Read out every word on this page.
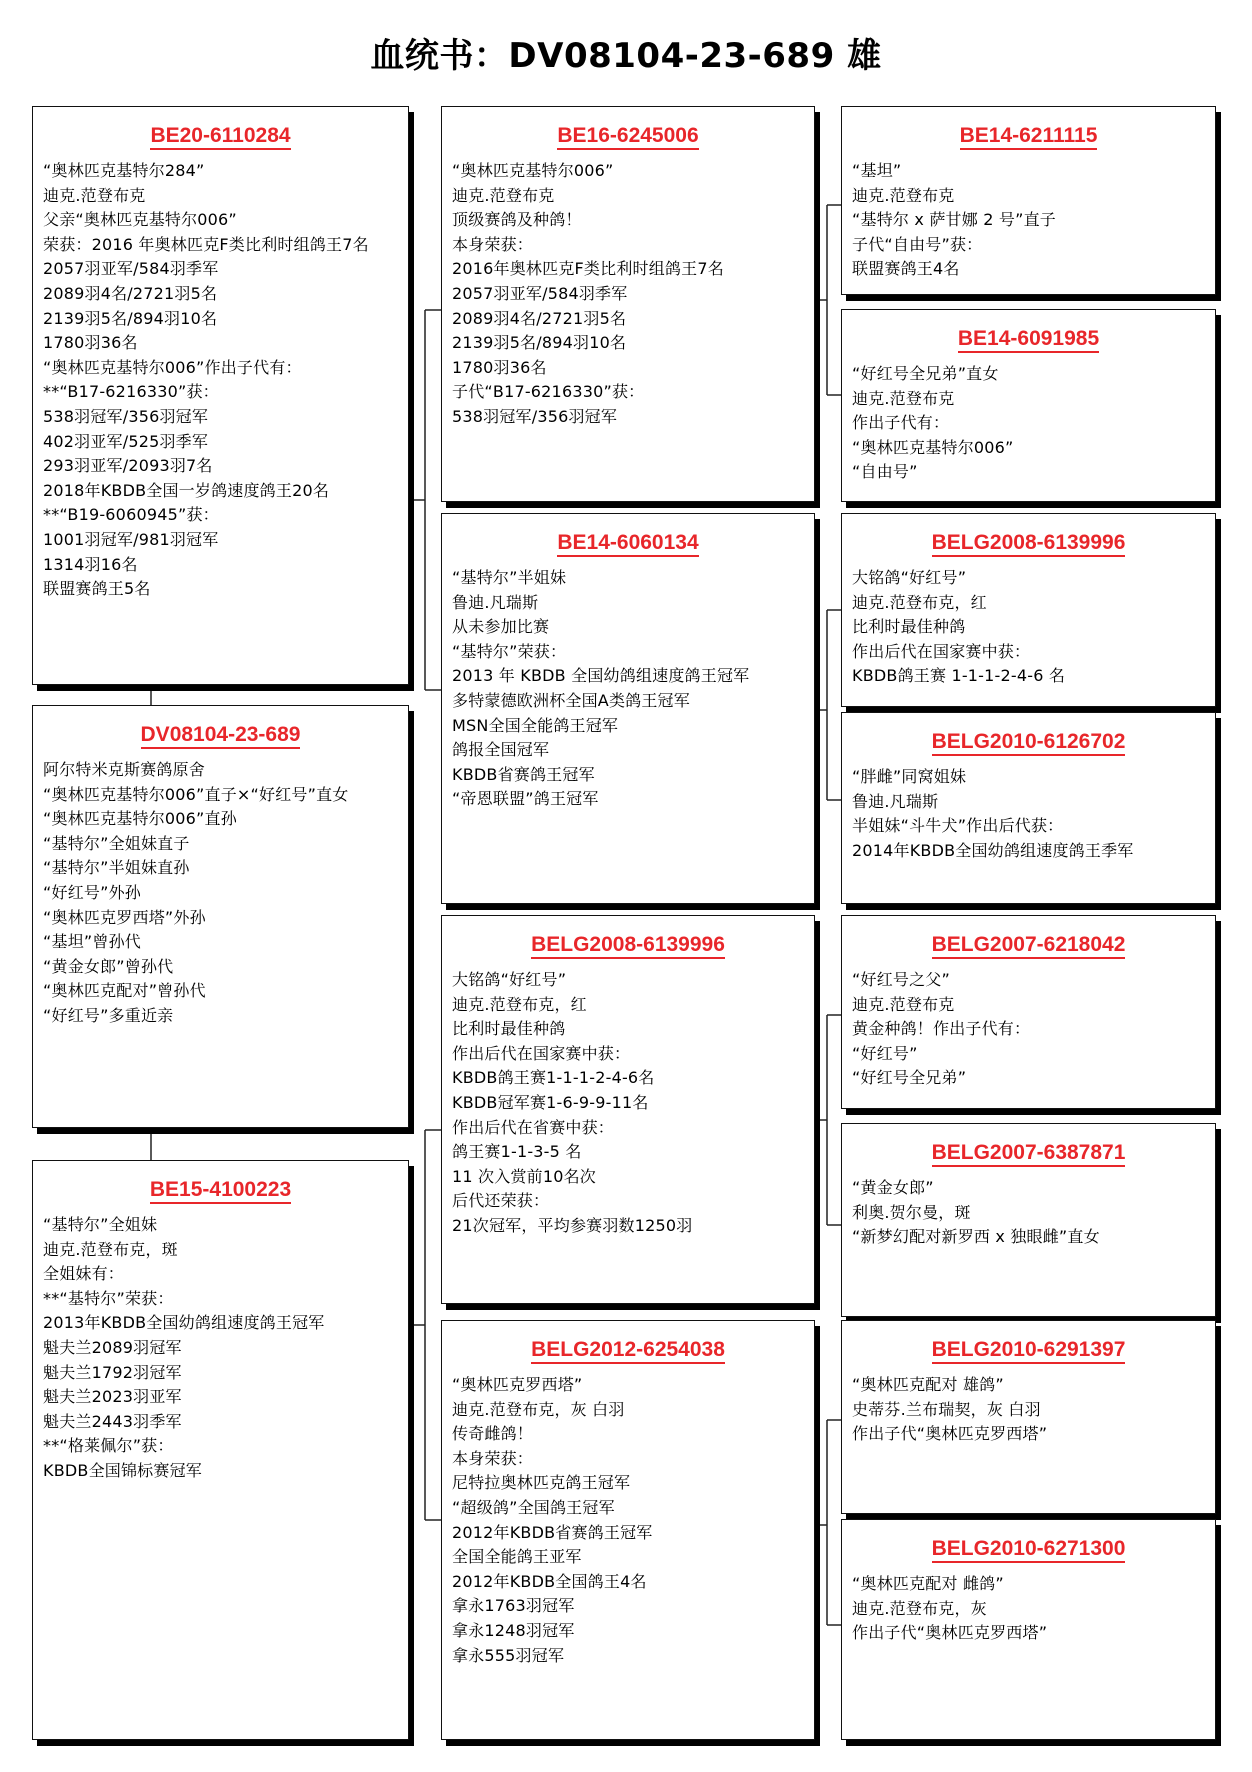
血统书：DV08104-23-689 雄
BE20-6110284
“奥林匹克基特尔284”
迪克.范登布克
父亲“奥林匹克基特尔006”
荣获：2016 年奥林匹克F类比利时组鸽王7名
2057羽亚军/584羽季军
2089羽4名/2721羽5名
2139羽5名/894羽10名
1780羽36名
“奥林匹克基特尔006”作出子代有：
**“B17-6216330”获：
538羽冠军/356羽冠军
402羽亚军/525羽季军
293羽亚军/2093羽7名
2018年KBDB全国一岁鸽速度鸽王20名
**“B19-6060945”获：
1001羽冠军/981羽冠军
1314羽16名
联盟赛鸽王5名
DV08104-23-689
阿尔特米克斯赛鸽原舍
“奥林匹克基特尔006”直子×“好红号”直女
“奥林匹克基特尔006”直孙
“基特尔”全姐妹直子
“基特尔”半姐妹直孙
“好红号”外孙
“奥林匹克罗西塔”外孙
“基坦”曾孙代
“黄金女郎”曾孙代
“奥林匹克配对”曾孙代
“好红号”多重近亲
BE15-4100223
“基特尔”全姐妹
迪克.范登布克，斑
全姐妹有：
**“基特尔”荣获：
2013年KBDB全国幼鸽组速度鸽王冠军
魁夫兰2089羽冠军
魁夫兰1792羽冠军
魁夫兰2023羽亚军
魁夫兰2443羽季军
**“格莱佩尔”获：
KBDB全国锦标赛冠军
BE16-6245006
“奥林匹克基特尔006”
迪克.范登布克
顶级赛鸽及种鸽！
本身荣获：
2016年奥林匹克F类比利时组鸽王7名
2057羽亚军/584羽季军
2089羽4名/2721羽5名
2139羽5名/894羽10名
1780羽36名
子代“B17-6216330”获：
538羽冠军/356羽冠军
BE14-6060134
“基特尔”半姐妹
鲁迪.凡瑞斯
从未参加比赛
“基特尔”荣获：
2013 年 KBDB 全国幼鸽组速度鸽王冠军
多特蒙德欧洲杯全国A类鸽王冠军
MSN全国全能鸽王冠军
鸽报全国冠军
KBDB省赛鸽王冠军
“帝恩联盟”鸽王冠军
BELG2008-6139996
大铭鸽“好红号”
迪克.范登布克，红
比利时最佳种鸽
作出后代在国家赛中获：
KBDB鸽王赛1-1-1-2-4-6名
KBDB冠军赛1-6-9-9-11名
作出后代在省赛中获：
鸽王赛1-1-3-5 名
11 次入赏前10名次
后代还荣获：
21次冠军，平均参赛羽数1250羽
BELG2012-6254038
“奥林匹克罗西塔”
迪克.范登布克，灰 白羽
传奇雌鸽！
本身荣获：
尼特拉奥林匹克鸽王冠军
“超级鸽”全国鸽王冠军
2012年KBDB省赛鸽王冠军
全国全能鸽王亚军
2012年KBDB全国鸽王4名
拿永1763羽冠军
拿永1248羽冠军
拿永555羽冠军
BE14-6211115
“基坦”
迪克.范登布克
“基特尔 x 萨甘娜 2 号”直子
子代“自由号”获：
联盟赛鸽王4名
BE14-6091985
“好红号全兄弟”直女
迪克.范登布克
作出子代有：
“奥林匹克基特尔006”
“自由号”
BELG2008-6139996
大铭鸽“好红号”
迪克.范登布克，红
比利时最佳种鸽
作出后代在国家赛中获：
KBDB鸽王赛 1-1-1-2-4-6 名
BELG2010-6126702
“胖雌”同窝姐妹
鲁迪.凡瑞斯
半姐妹“斗牛犬”作出后代获：
2014年KBDB全国幼鸽组速度鸽王季军
BELG2007-6218042
“好红号之父”
迪克.范登布克
黄金种鸽！作出子代有：
“好红号”
“好红号全兄弟”
BELG2007-6387871
“黄金女郎”
利奥.贺尔曼，斑
“新梦幻配对新罗西 x 独眼雌”直女
BELG2010-6291397
“奥林匹克配对 雄鸽”
史蒂芬.兰布瑞契，灰 白羽
作出子代“奥林匹克罗西塔”
BELG2010-6271300
“奥林匹克配对 雌鸽”
迪克.范登布克，灰
作出子代“奥林匹克罗西塔”
